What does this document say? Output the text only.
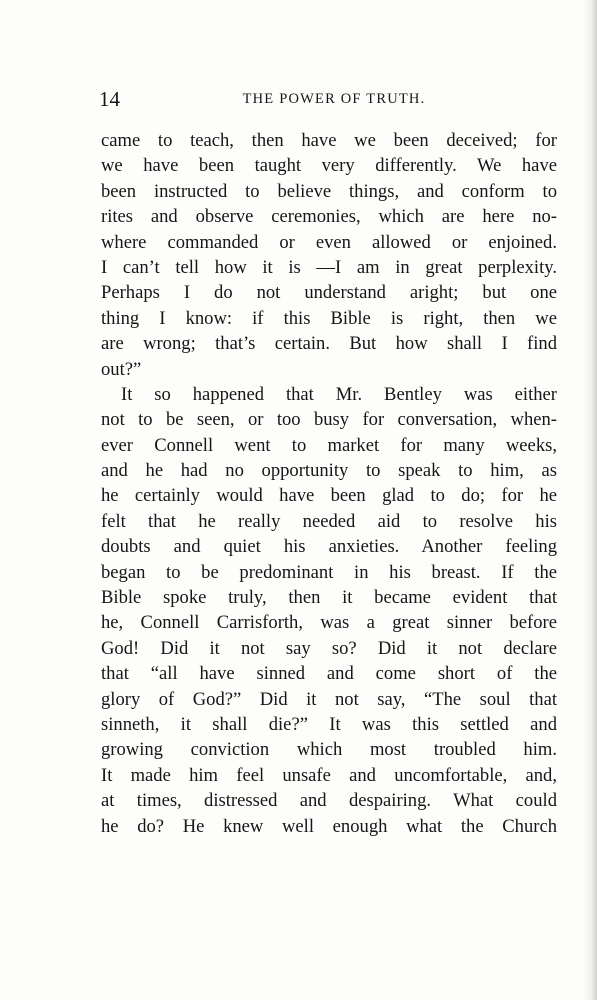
14	THE POWER OF TRUTH.
came to teach, then have we been deceived; for
we have been taught very differently. We have
been instructed to believe things, and conform to
rites and observe ceremonies, which are here no-
where commanded or even allowed or enjoined.
I can’t tell how it is —I am in great perplexity.
Perhaps I do not understand aright; but one
thing I know: if this Bible is right, then we
are wrong; that’s certain. But how shall I find
out?”
It so happened that Mr. Bentley was either
not to be seen, or too busy for conversation, when-
ever Connell went to market for many weeks,
and he had no opportunity to speak to him, as
he certainly would have been glad to do; for he
felt that he really needed aid to resolve his
doubts and quiet his anxieties. Another feeling
began to be predominant in his breast. If the
Bible spoke truly, then it became evident that
he, Connell Carrisforth, was a great sinner before
God! Did it not say so? Did it not declare
that “all have sinned and come short of the
glory of God?” Did it not say, “The soul that
sinneth, it shall die?” It was this settled and
growing conviction which most troubled him.
It made him feel unsafe and uncomfortable, and,
at times, distressed and despairing. What could
he do? He knew well enough what the Church
